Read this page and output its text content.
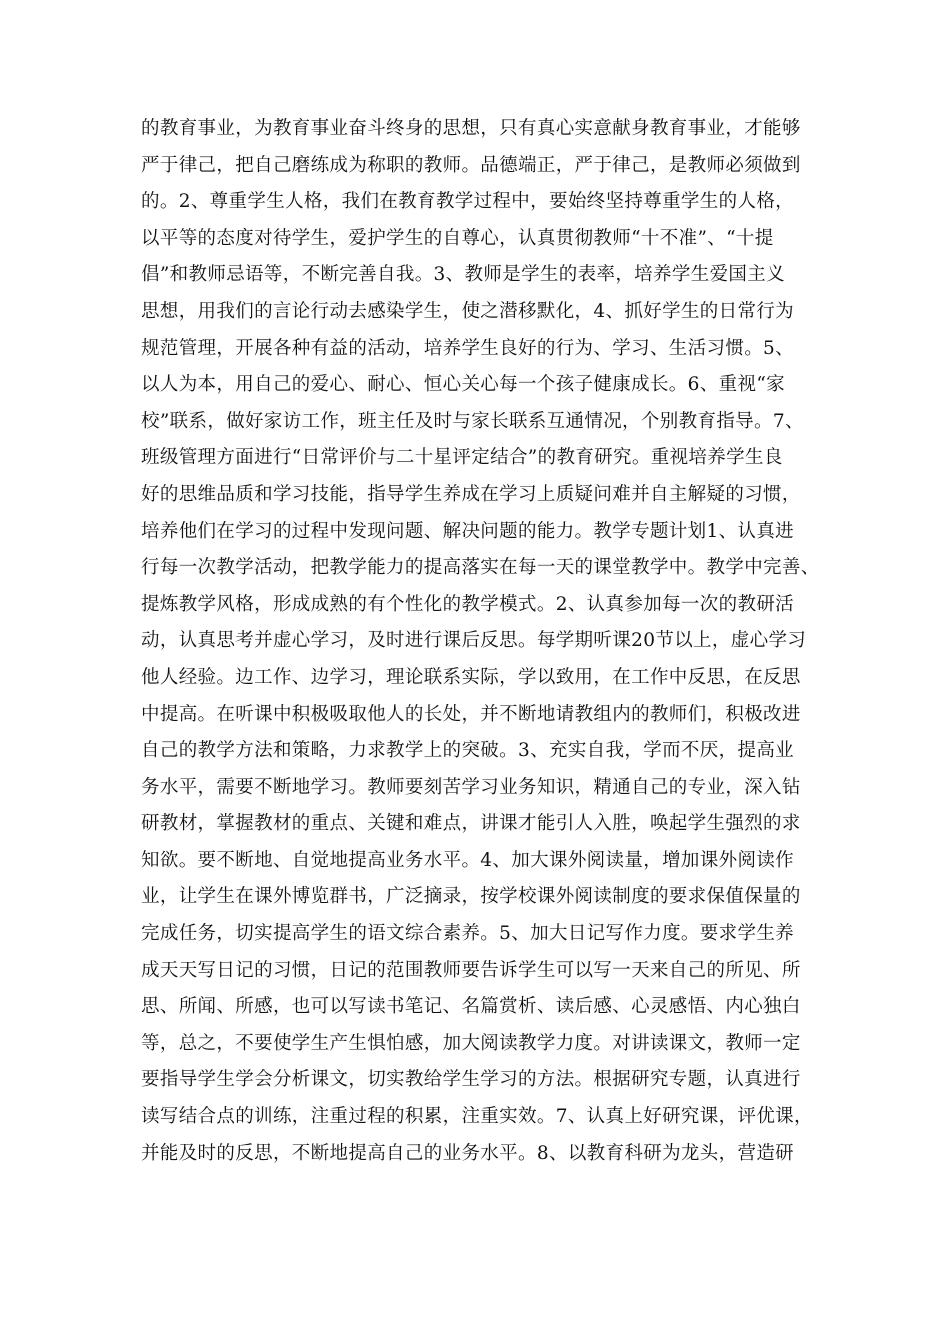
的教育事业，为教育事业奋斗终身的思想，只有真心实意献身教育事业，才能够
严于律己，把自己磨练成为称职的教师。品德端正，严于律己，是教师必须做到
的。2、尊重学生人格，我们在教育教学过程中，要始终坚持尊重学生的人格，
以平等的态度对待学生，爱护学生的自尊心，认真贯彻教师“十不准”、“十提
倡”和教师忌语等，不断完善自我。3、教师是学生的表率，培养学生爱国主义
思想，用我们的言论行动去感染学生，使之潜移默化，4、抓好学生的日常行为
规范管理，开展各种有益的活动，培养学生良好的行为、学习、生活习惯。5、
以人为本，用自己的爱心、耐心、恒心关心每一个孩子健康成长。6、重视“家
校”联系，做好家访工作，班主任及时与家长联系互通情况，个别教育指导。7、
班级管理方面进行“日常评价与二十星评定结合”的教育研究。重视培养学生良
好的思维品质和学习技能，指导学生养成在学习上质疑问难并自主解疑的习惯，
培养他们在学习的过程中发现问题、解决问题的能力。教学专题计划1、认真进
行每一次教学活动，把教学能力的提高落实在每一天的课堂教学中。教学中完善、
提炼教学风格，形成成熟的有个性化的教学模式。2、认真参加每一次的教研活
动，认真思考并虚心学习，及时进行课后反思。每学期听课20节以上，虚心学习
他人经验。边工作、边学习，理论联系实际，学以致用，在工作中反思，在反思
中提高。在听课中积极吸取他人的长处，并不断地请教组内的教师们，积极改进
自己的教学方法和策略，力求教学上的突破。3、充实自我，学而不厌，提高业
务水平，需要不断地学习。教师要刻苦学习业务知识，精通自己的专业，深入钻
研教材，掌握教材的重点、关键和难点，讲课才能引人入胜，唤起学生强烈的求
知欲。要不断地、自觉地提高业务水平。4、加大课外阅读量，增加课外阅读作
业，让学生在课外博览群书，广泛摘录，按学校课外阅读制度的要求保值保量的
完成任务，切实提高学生的语文综合素养。5、加大日记写作力度。要求学生养
成天天写日记的习惯，日记的范围教师要告诉学生可以写一天来自己的所见、所
思、所闻、所感，也可以写读书笔记、名篇赏析、读后感、心灵感悟、内心独白
等，总之，不要使学生产生惧怕感，加大阅读教学力度。对讲读课文，教师一定
要指导学生学会分析课文，切实教给学生学习的方法。根据研究专题，认真进行
读写结合点的训练，注重过程的积累，注重实效。7、认真上好研究课，评优课，
并能及时的反思，不断地提高自己的业务水平。8、以教育科研为龙头，营造研
